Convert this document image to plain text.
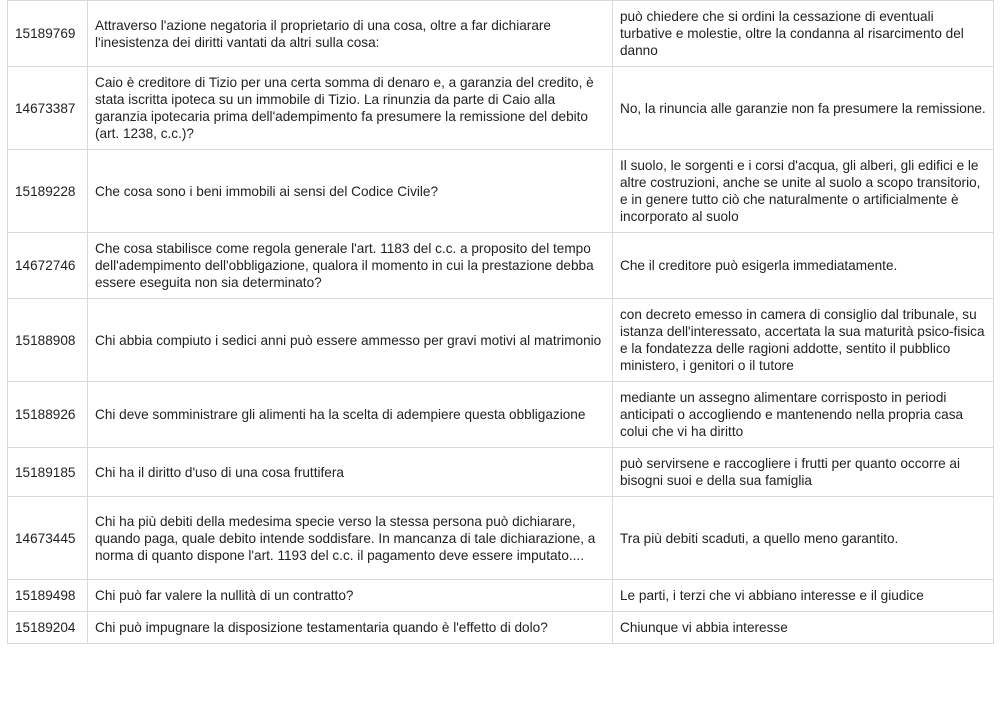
15189769	Attraverso l'azione negatoria il proprietario di una cosa, oltre a far dichiarare l'inesistenza dei diritti vantati da altri sulla cosa:	può chiedere che si ordini la cessazione di eventuali turbative e molestie, oltre la condanna al risarcimento del danno
14673387	Caio è creditore di Tizio per una certa somma di denaro e, a garanzia del credito, è stata iscritta ipoteca su un immobile di Tizio. La rinunzia da parte di Caio alla garanzia ipotecaria prima dell'adempimento fa presumere la remissione del debito (art. 1238, c.c.)?	No, la rinuncia alle garanzie non fa presumere la remissione.
15189228	Che cosa sono i beni immobili ai sensi del Codice Civile?	Il suolo, le sorgenti e i corsi d'acqua, gli alberi, gli edifici e le altre costruzioni, anche se unite al suolo a scopo transitorio, e in genere tutto ciò che naturalmente o artificialmente è incorporato al suolo
14672746	Che cosa stabilisce come regola generale l'art. 1183 del c.c. a proposito del tempo dell'adempimento dell'obbligazione, qualora il momento in cui la prestazione debba essere eseguita non sia determinato?	Che il creditore può esigerla immediatamente.
15188908	Chi abbia compiuto i sedici anni può essere ammesso per gravi motivi al matrimonio	con decreto emesso in camera di consiglio dal tribunale, su istanza dell'interessato, accertata la sua maturità psico-fisica e la fondatezza delle ragioni addotte, sentito il pubblico ministero, i genitori o il tutore
15188926	Chi deve somministrare gli alimenti ha la scelta di adempiere questa obbligazione	mediante un assegno alimentare corrisposto in periodi anticipati o accogliendo e mantenendo nella propria casa colui che vi ha diritto
15189185	Chi ha il diritto d'uso di una cosa fruttifera	può servirsene e raccogliere i frutti per quanto occorre ai bisogni suoi e della sua famiglia
14673445	Chi ha più debiti della medesima specie verso la stessa persona può dichiarare, quando paga, quale debito intende soddisfare. In mancanza di tale dichiarazione, a norma di quanto dispone l'art. 1193 del c.c. il pagamento deve essere imputato....	Tra più debiti scaduti, a quello meno garantito.
15189498	Chi può far valere la nullità di un contratto?	Le parti, i terzi che vi abbiano interesse e il giudice
15189204	Chi può impugnare la disposizione testamentaria quando è l'effetto di dolo?	Chiunque vi abbia interesse
